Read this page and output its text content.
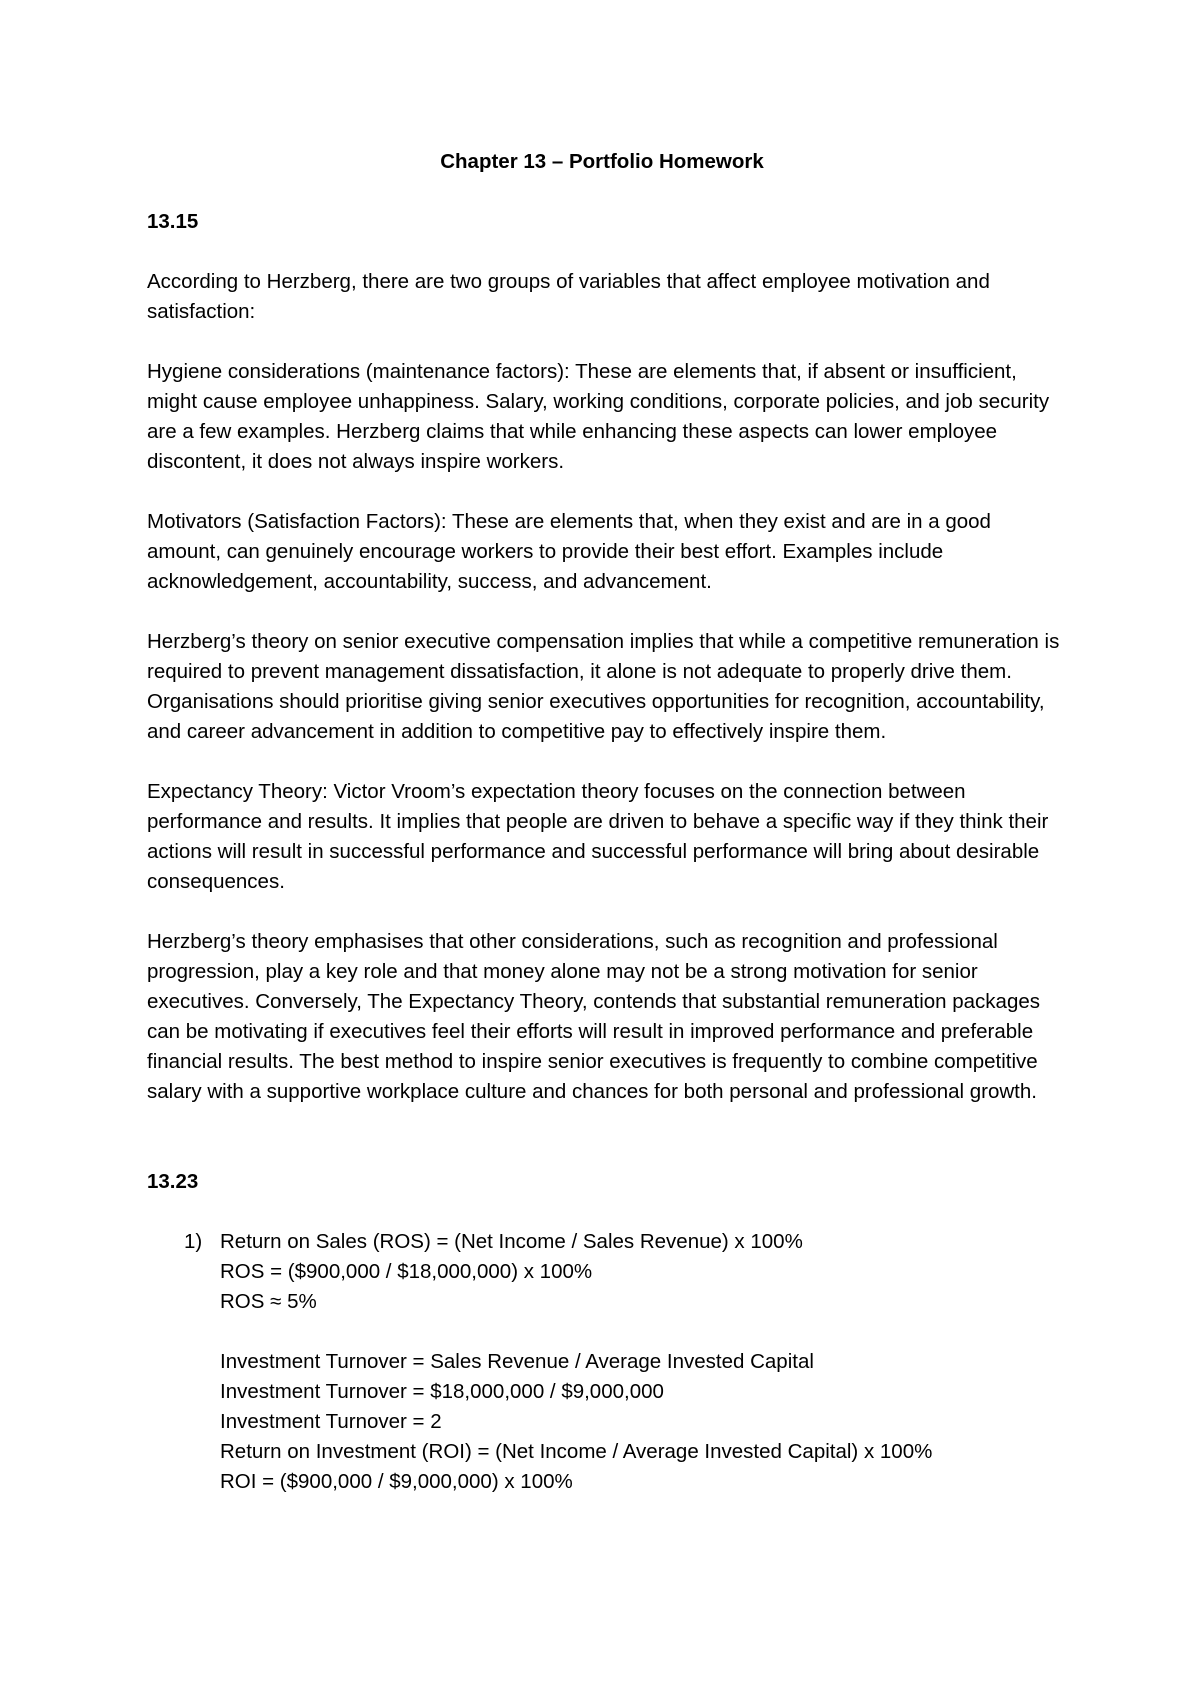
Chapter 13 – Portfolio Homework
13.15

According to Herzberg, there are two groups of variables that affect employee motivation and satisfaction:

Hygiene considerations (maintenance factors): These are elements that, if absent or insufficient, might cause employee unhappiness. Salary, working conditions, corporate policies, and job security are a few examples. Herzberg claims that while enhancing these aspects can lower employee discontent, it does not always inspire workers.

Motivators (Satisfaction Factors): These are elements that, when they exist and are in a good amount, can genuinely encourage workers to provide their best effort. Examples include acknowledgement, accountability, success, and advancement.

Herzberg’s theory on senior executive compensation implies that while a competitive remuneration is required to prevent management dissatisfaction, it alone is not adequate to properly drive them. Organisations should prioritise giving senior executives opportunities for recognition, accountability, and career advancement in addition to competitive pay to effectively inspire them.

Expectancy Theory: Victor Vroom’s expectation theory focuses on the connection between performance and results. It implies that people are driven to behave a specific way if they think their actions will result in successful performance and successful performance will bring about desirable consequences.

Herzberg’s theory emphasises that other considerations, such as recognition and professional progression, play a key role and that money alone may not be a strong motivation for senior executives. Conversely, The Expectancy Theory, contends that substantial remuneration packages can be motivating if executives feel their efforts will result in improved performance and preferable financial results. The best method to inspire senior executives is frequently to combine competitive salary with a supportive workplace culture and chances for both personal and professional growth.

13.23
1) Return on Sales (ROS) = (Net Income / Sales Revenue) x 100%
ROS = ($900,000 / $18,000,000) x 100%
ROS ≈ 5%
Investment Turnover = Sales Revenue / Average Invested Capital
Investment Turnover = $18,000,000 / $9,000,000
Investment Turnover = 2
Return on Investment (ROI) = (Net Income / Average Invested Capital) x 100%
ROI = ($900,000 / $9,000,000) x 100%
